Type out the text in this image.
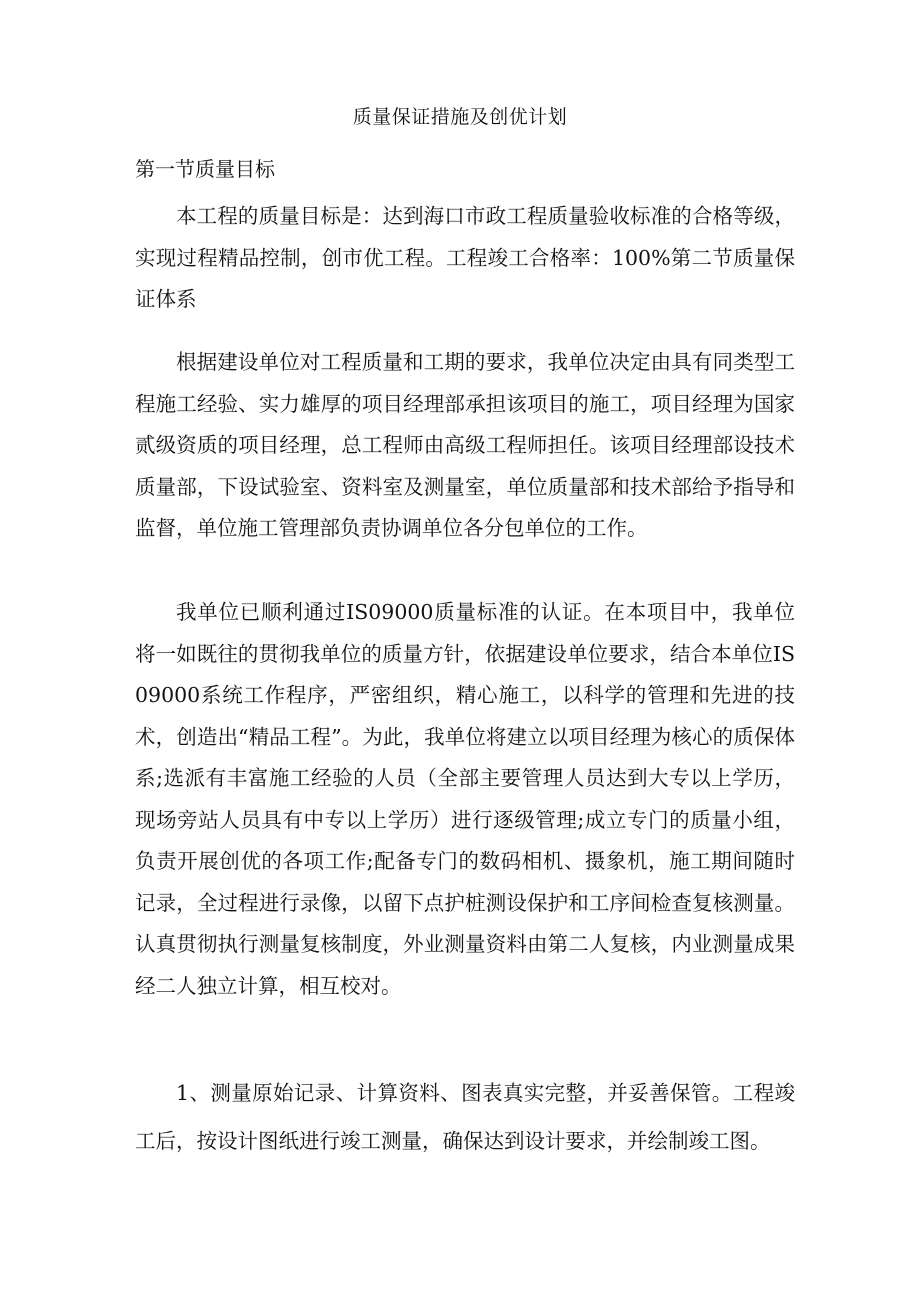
质量保证措施及创优计划
第一节质量目标

本工程的质量目标是：达到海口市政工程质量验收标准的合格等级，实现过程精品控制，创市优工程。工程竣工合格率：100%第二节质量保证体系

根据建设单位对工程质量和工期的要求，我单位决定由具有同类型工程施工经验、实力雄厚的项目经理部承担该项目的施工，项目经理为国家贰级资质的项目经理，总工程师由高级工程师担任。该项目经理部设技术质量部，下设试验室、资料室及测量室，单位质量部和技术部给予指导和监督，单位施工管理部负责协调单位各分包单位的工作。

我单位已顺利通过IS09000质量标准的认证。在本项目中，我单位将一如既往的贯彻我单位的质量方针，依据建设单位要求，结合本单位IS09000系统工作程序，严密组织，精心施工，以科学的管理和先进的技术，创造出“精品工程”。为此，我单位将建立以项目经理为核心的质保体系;选派有丰富施工经验的人员（全部主要管理人员达到大专以上学历，现场旁站人员具有中专以上学历）进行逐级管理;成立专门的质量小组，负责开展创优的各项工作;配备专门的数码相机、摄象机，施工期间随时记录，全过程进行录像，以留下点护桩测设保护和工序间检查复核测量。认真贯彻执行测量复核制度，外业测量资料由第二人复核，内业测量成果经二人独立计算，相互校对。

1、测量原始记录、计算资料、图表真实完整，并妥善保管。工程竣工后，按设计图纸进行竣工测量，确保达到设计要求，并绘制竣工图。
